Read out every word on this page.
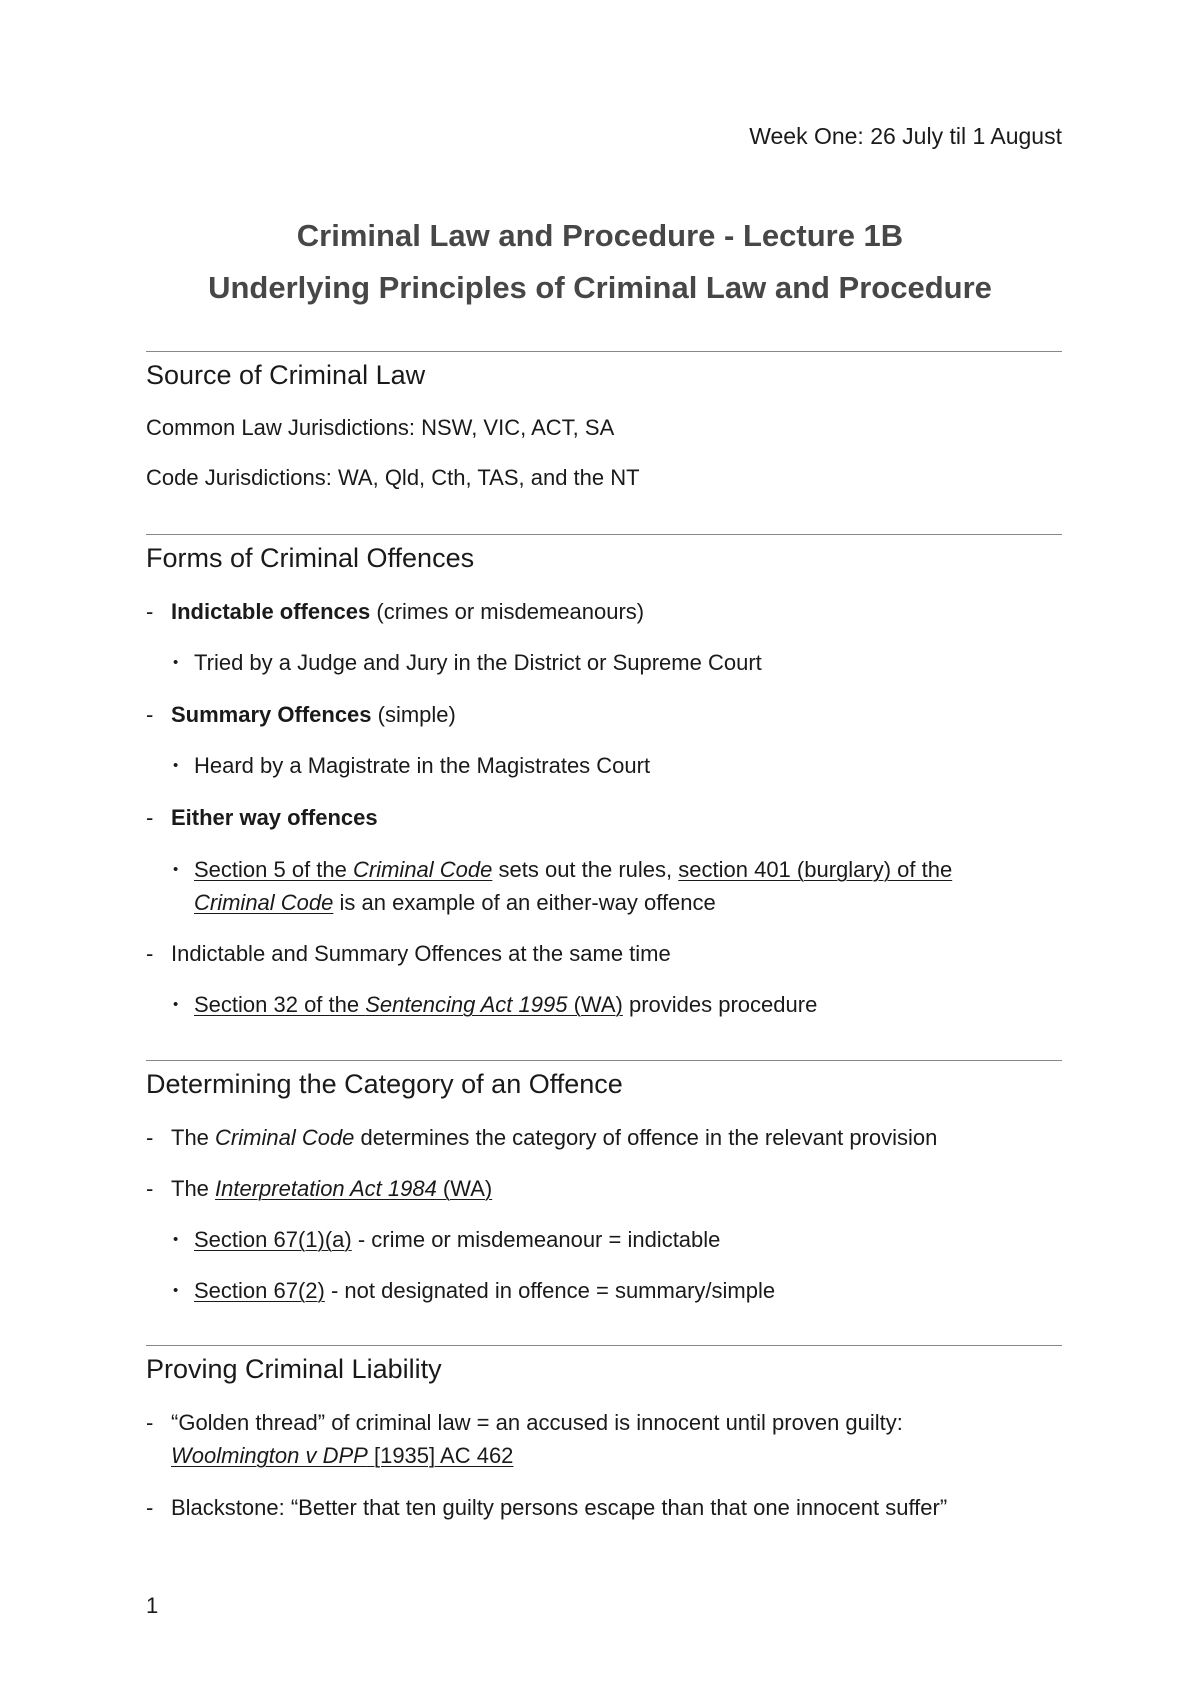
Week One: 26 July til 1 August
Criminal Law and Procedure - Lecture 1B
Underlying Principles of Criminal Law and Procedure
Source of Criminal Law
Common Law Jurisdictions: NSW, VIC, ACT, SA
Code Jurisdictions: WA, Qld, Cth, TAS, and the NT
Forms of Criminal Offences
- Indictable offences (crimes or misdemeanours)
• Tried by a Judge and Jury in the District or Supreme Court
- Summary Offences (simple)
• Heard by a Magistrate in the Magistrates Court
- Either way offences
• Section 5 of the Criminal Code sets out the rules, section 401 (burglary) of the
Criminal Code is an example of an either-way offence
- Indictable and Summary Offences at the same time
• Section 32 of the Sentencing Act 1995 (WA) provides procedure
Determining the Category of an Offence
- The Criminal Code determines the category of offence in the relevant provision
- The Interpretation Act 1984 (WA)
• Section 67(1)(a) - crime or misdemeanour = indictable
• Section 67(2) - not designated in offence = summary/simple
Proving Criminal Liability
- “Golden thread” of criminal law = an accused is innocent until proven guilty:
Woolmington v DPP [1935] AC 462
- Blackstone: “Better that ten guilty persons escape than that one innocent suffer”
1
